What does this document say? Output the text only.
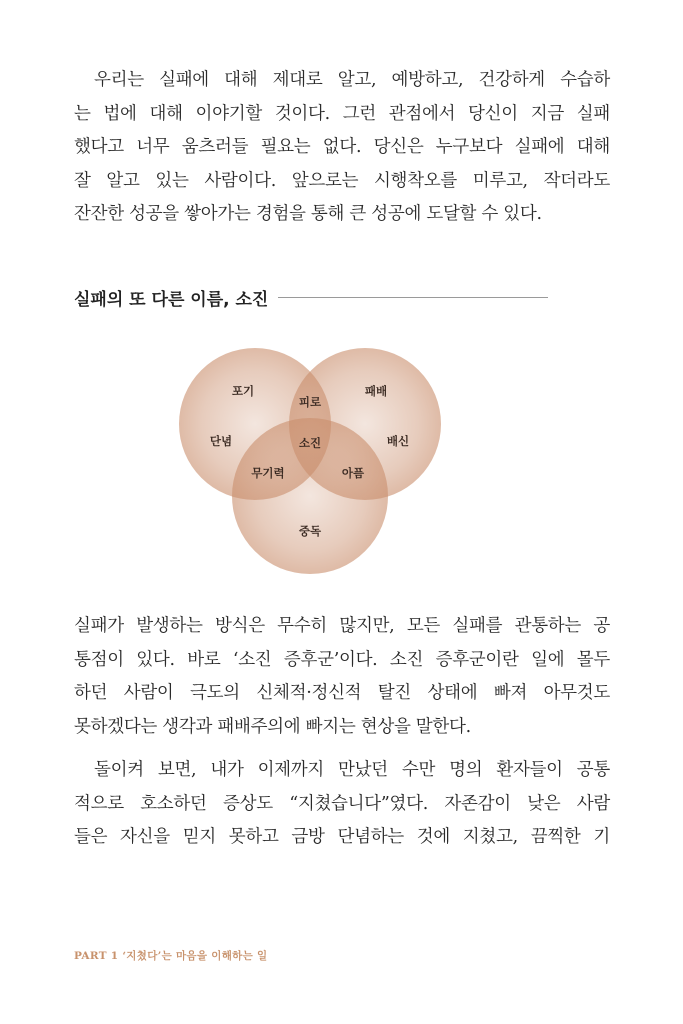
우리는 실패에 대해 제대로 알고, 예방하고, 건강하게 수습하
는 법에 대해 이야기할 것이다. 그런 관점에서 당신이 지금 실패
했다고 너무 움츠러들 필요는 없다. 당신은 누구보다 실패에 대해
잘 알고 있는 사람이다. 앞으로는 시행착오를 미루고, 작더라도
잔잔한 성공을 쌓아가는 경험을 통해 큰 성공에 도달할 수 있다.
실패의 또 다른 이름, 소진
포기
단념
피로
패배
배신
소진
무기력	아픔
중독
실패가 발생하는 방식은 무수히 많지만, 모든 실패를 관통하는 공
통점이 있다. 바로 ‘소진 증후군’이다. 소진 증후군이란 일에 몰두
하던 사람이 극도의 신체적·정신적 탈진 상태에 빠져 아무것도
못하겠다는 생각과 패배주의에 빠지는 현상을 말한다.
돌이켜 보면, 내가 이제까지 만났던 수만 명의 환자들이 공통
적으로 호소하던 증상도 “지쳤습니다”였다. 자존감이 낮은 사람
들은 자신을 믿지 못하고 금방 단념하는 것에 지쳤고, 끔찍한 기
PART 1 ‘지쳤다’는 마음을 이해하는 일
